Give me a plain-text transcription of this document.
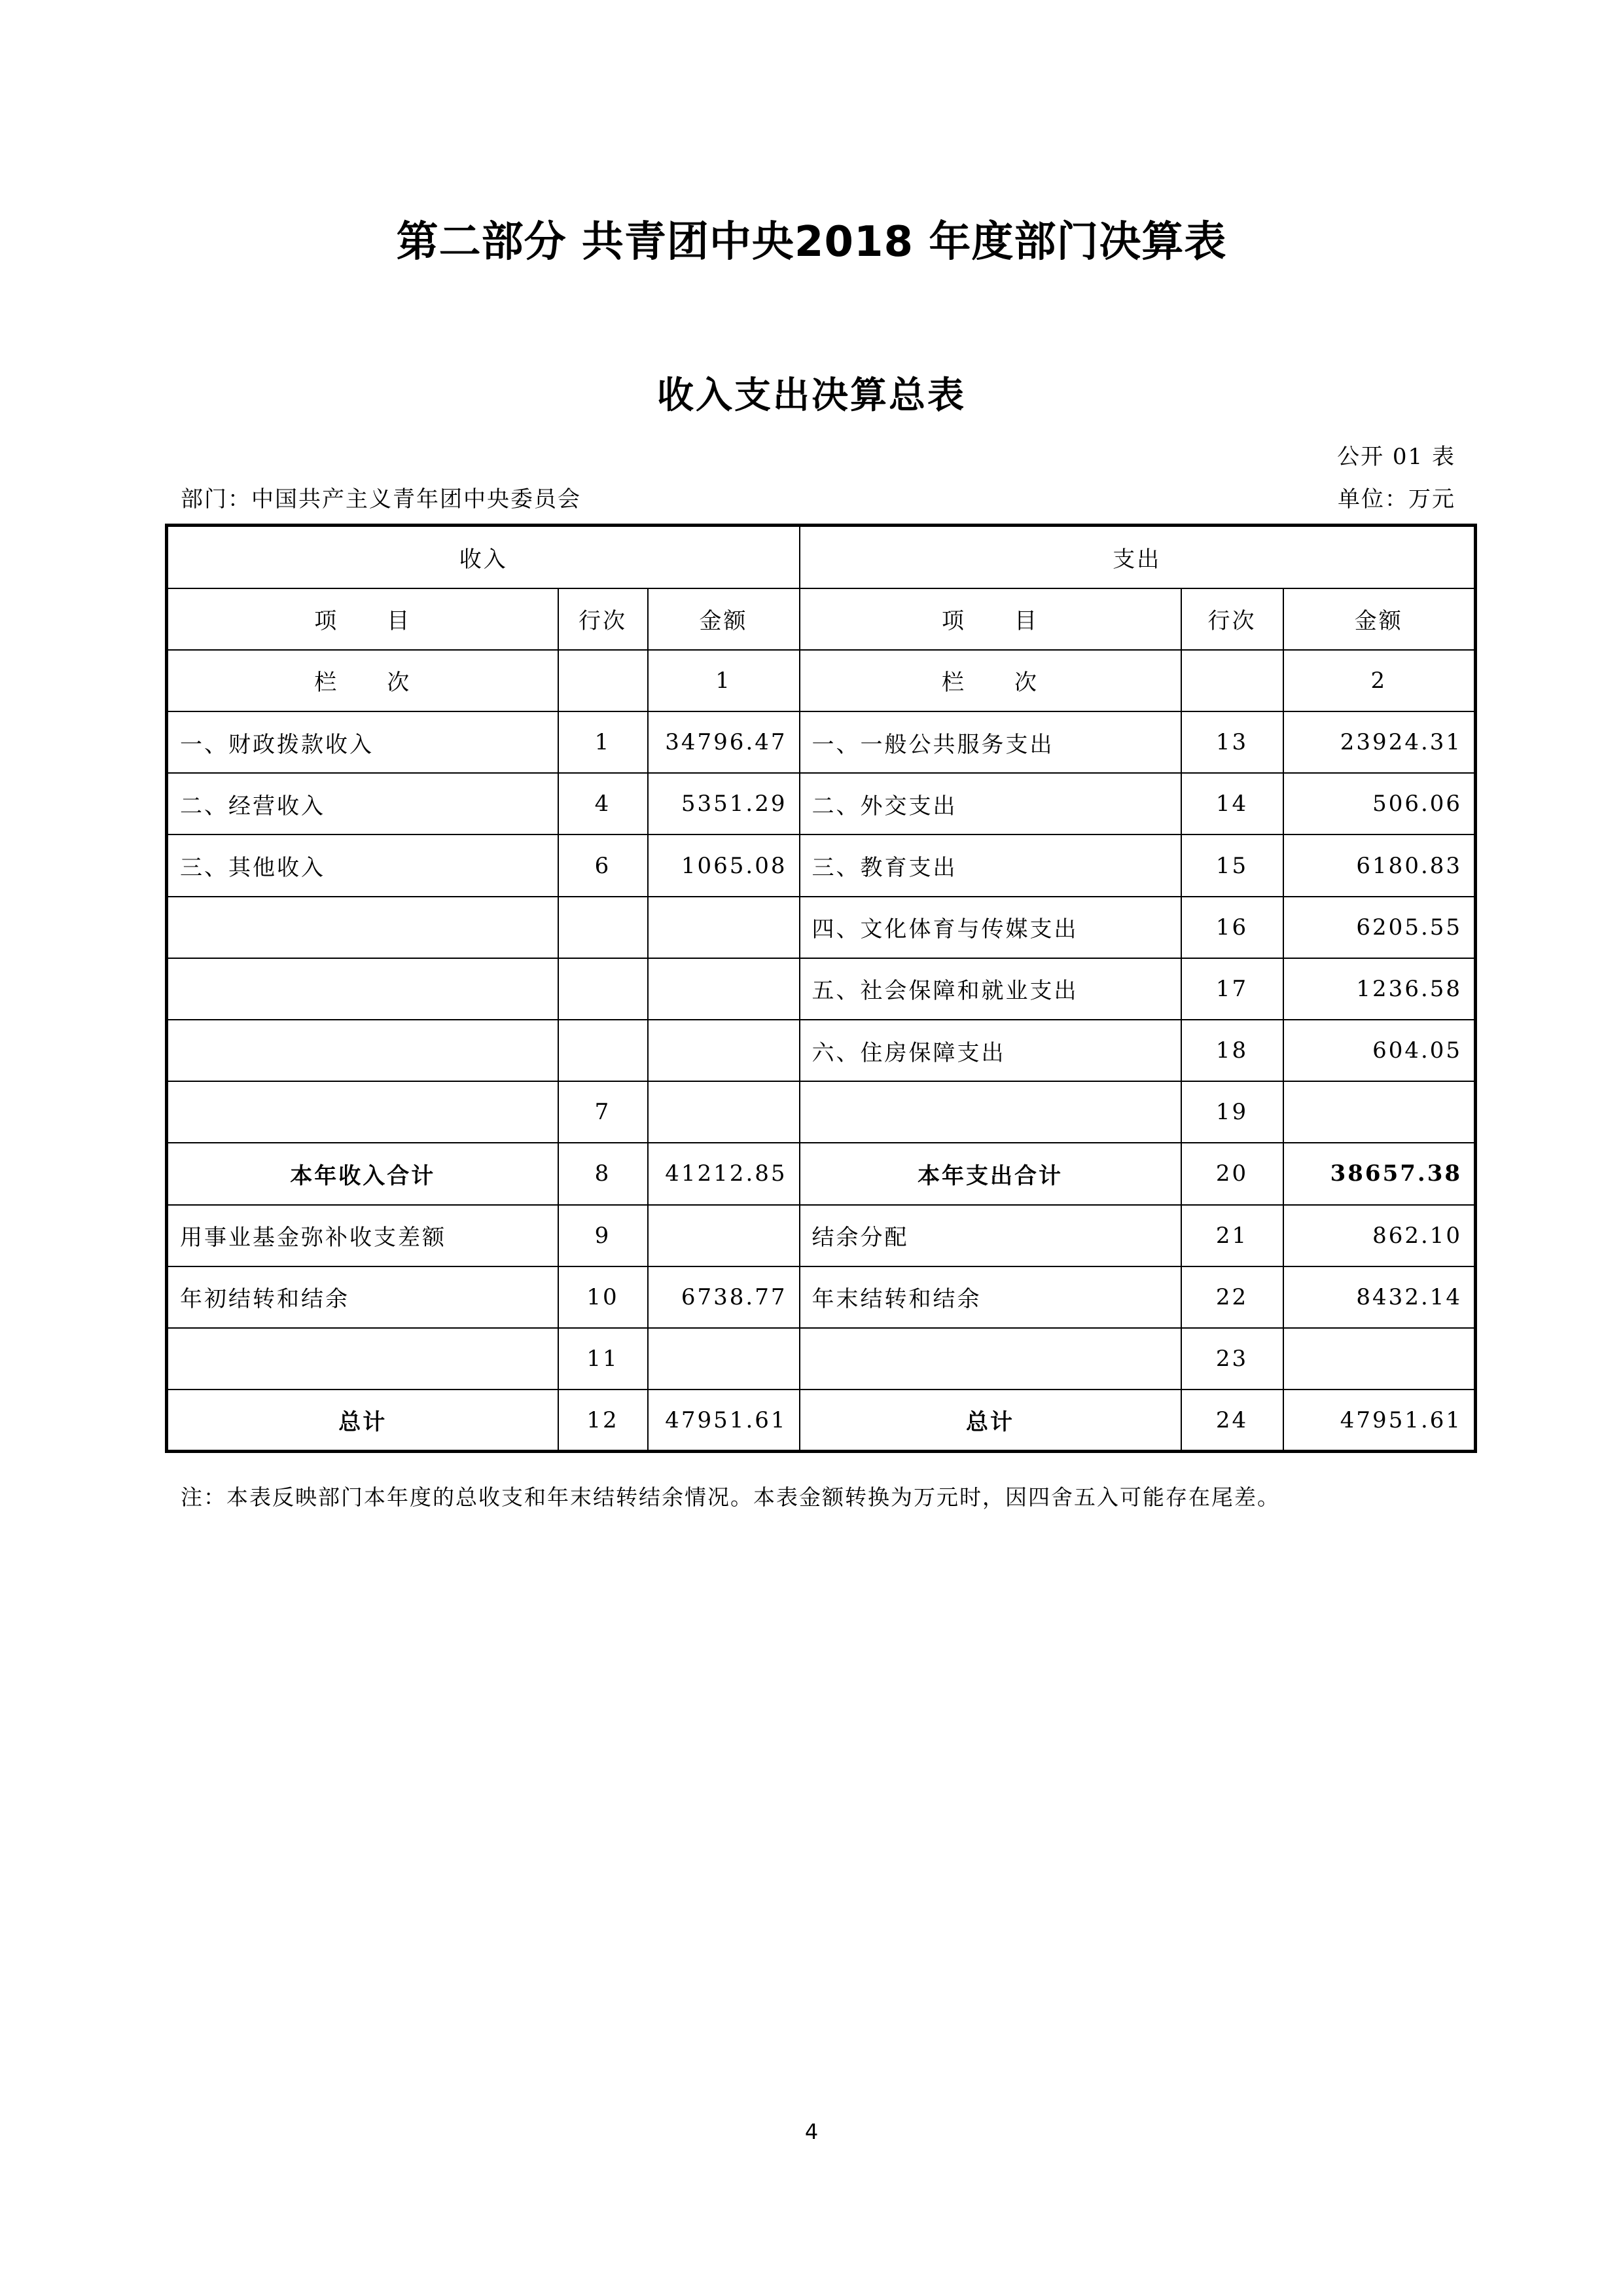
第二部分 共青团中央2018 年度部门决算表
收入支出决算总表
公开 01 表
部门：中国共产主义青年团中央委员会	单位：万元
收入			支出		
项　　目	行次	金额	项　　目	行次	金额
栏　　次		1	栏　　次		2
一、财政拨款收入	1	34796.47	一、一般公共服务支出	13	23924.31
二、经营收入	4	5351.29	二、外交支出	14	506.06
三、其他收入	6	1065.08	三、教育支出	15	6180.83
			四、文化体育与传媒支出	16	6205.55
			五、社会保障和就业支出	17	1236.58
			六、住房保障支出	18	604.05
	7			19	
本年收入合计	8	41212.85	本年支出合计	20	38657.38
用事业基金弥补收支差额	9		结余分配	21	862.10
年初结转和结余	10	6738.77	年末结转和结余	22	8432.14
	11			23	
总计	12	47951.61	总计	24	47951.61
注：本表反映部门本年度的总收支和年末结转结余情况。本表金额转换为万元时，因四舍五入可能存在尾差。
4
